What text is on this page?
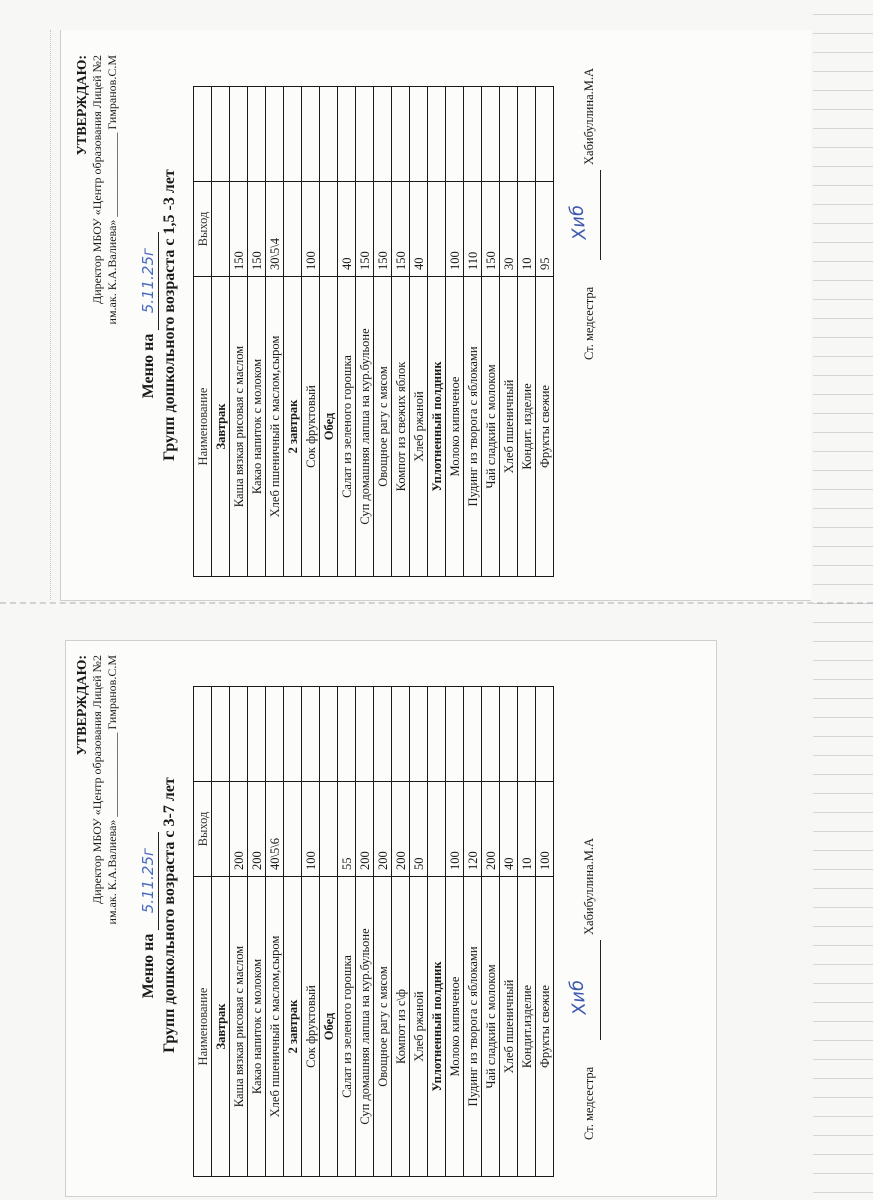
УТВЕРЖДАЮ: Директор МБОУ «Центр образования Лицей №2 им.ак. К.А.Валиева» ______________ Гимранов.С.М
Меню на 5.11.25г Групп дошкольного возраста с 1,5 -3 лет Наименование	Выход	
Завтрак		
Каша вязкая рисовая с маслом	150	
Какао напиток с молоком	150	
Хлеб пшеничный с маслом,сыром	30\5\4	
2 завтрак		
Сок фруктовый	100	
Обед		
Салат из зеленого горошка	40	
Суп домашняя лапша на кур.бульоне	150	
Овощное рагу с мясом	150	
Компот из свежих яблок	150	
Хлеб ржаной	40	
Уплотненный полдник		
Молоко кипяченое	100	
Пудинг из творога с яблоками	110	
Чай сладкий с молоком	150	
Хлеб пшеничный	30	
Кондит. изделие	10	
Фрукты свежие	95	
Ст. медсестра
Хиб
Хабибуллина.М.А
УТВЕРЖДАЮ: Директор МБОУ «Центр образования Лицей №2 им.ак. К.А.Валиева» ______________ Гимранов.С.М
Меню на 5.11.25г Групп дошкольного возраста с 3-7 лет Наименование	Выход	
Завтрак		
Каша вязкая рисовая с маслом	200	
Какао напиток с молоком	200	
Хлеб пшеничный с маслом,сыром	40\5\6	
2 завтрак		
Сок фруктовый	100	
Обед		
Салат из зеленого горошка	55	
Суп домашняя лапша на кур.бульоне	200	
Овощное рагу с мясом	200	
Компот из с\ф	200	
Хлеб ржаной	50	
Уплотненный полдник		
Молоко кипяченое	100	
Пудинг из творога с яблоками	120	
Чай сладкий с молоком	200	
Хлеб пшеничный	40	
Кондит.изделие	10	
Фрукты свежие	100	
Ст. медсестра
Хиб
Хабибуллина.М.А
